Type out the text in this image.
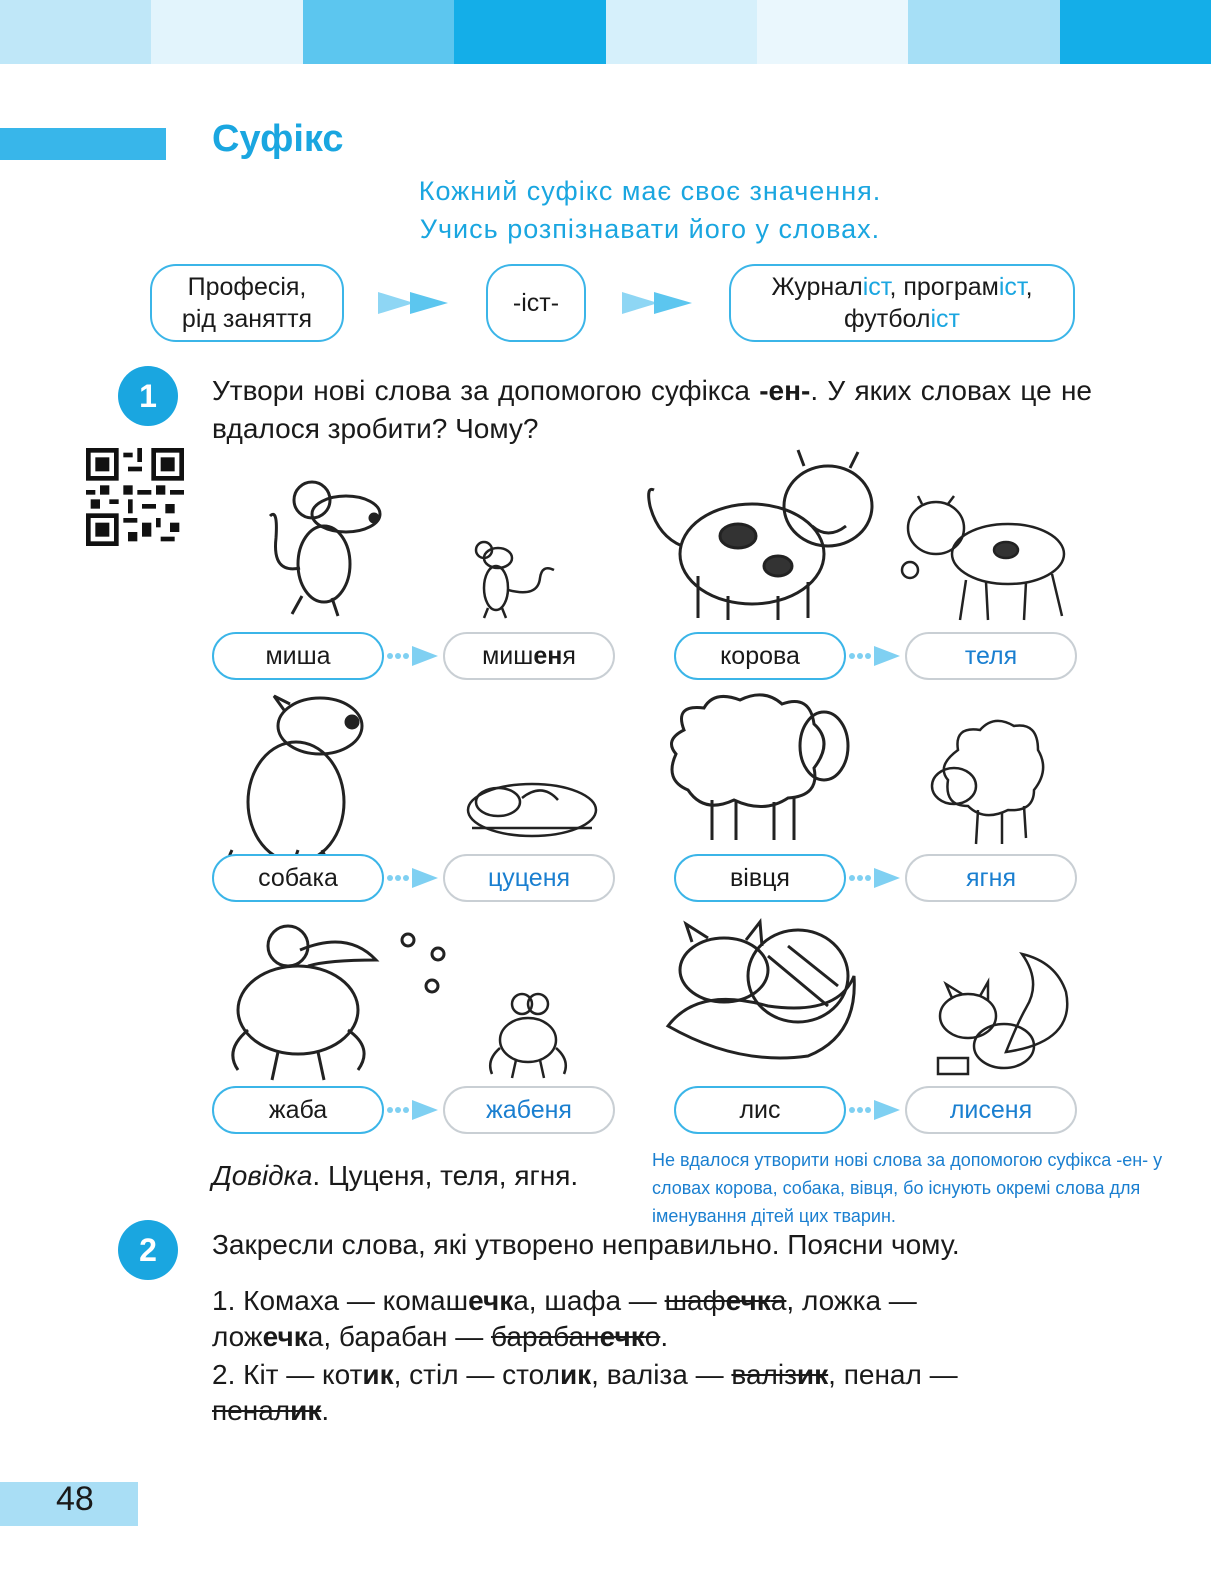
Суфікс
Кожний суфікс має своє значення.
Учись розпізнавати його у словах.
Професія,
рід заняття
-іст-
Журналіст, програміст,
футболіст
1	Утвори нові слова за допомогою суфікса -ен-. У яких словах це не вдалося зробити? Чому?
миша	миш ен я	корова	теля
собака	цуценя	вівця	ягня
жаба	жабеня	лис	лисеня
Довідка. Цуценя, теля, ягня.	Не вдалося утворити нові слова за допомогою суфікса -ен- у словах корова, собака, вівця, бо існують окремі слова для іменування дітей цих тварин.
2	Закресли слова, які утворено неправильно. Поясни чому.
1. Комаха — комашечка, шафа — шафечка, ложка —
ложечка, барабан — барабанечко.
2. Кіт — котик, стіл — столик, валіза — валізик, пенал —
пеналик.
48
